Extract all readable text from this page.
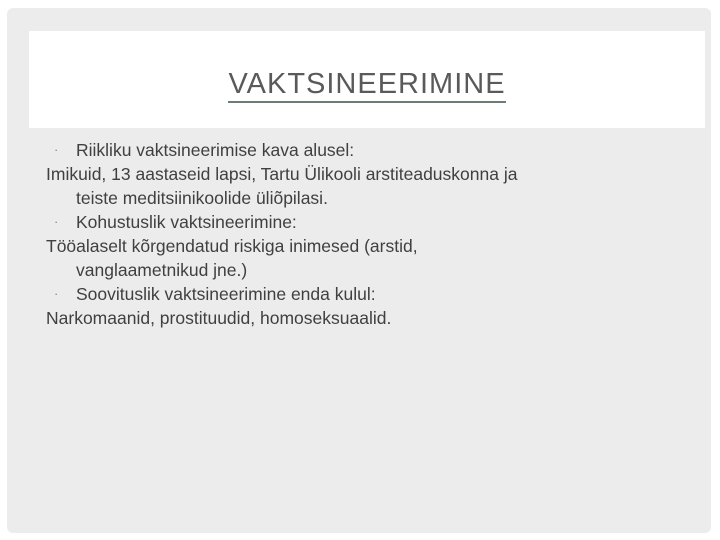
VAKTSINEERIMINE
· Riikliku vaktsineerimise kava alusel:
Imikuid, 13 aastaseid lapsi, Tartu Ülikooli arstiteaduskonna ja
teiste meditsiinikoolide üliõpilasi.
· Kohustuslik vaktsineerimine:
Tööalaselt kõrgendatud riskiga inimesed (arstid,
vanglaametnikud jne.)
· Soovituslik vaktsineerimine enda kulul:
Narkomaanid, prostituudid, homoseksuaalid.
